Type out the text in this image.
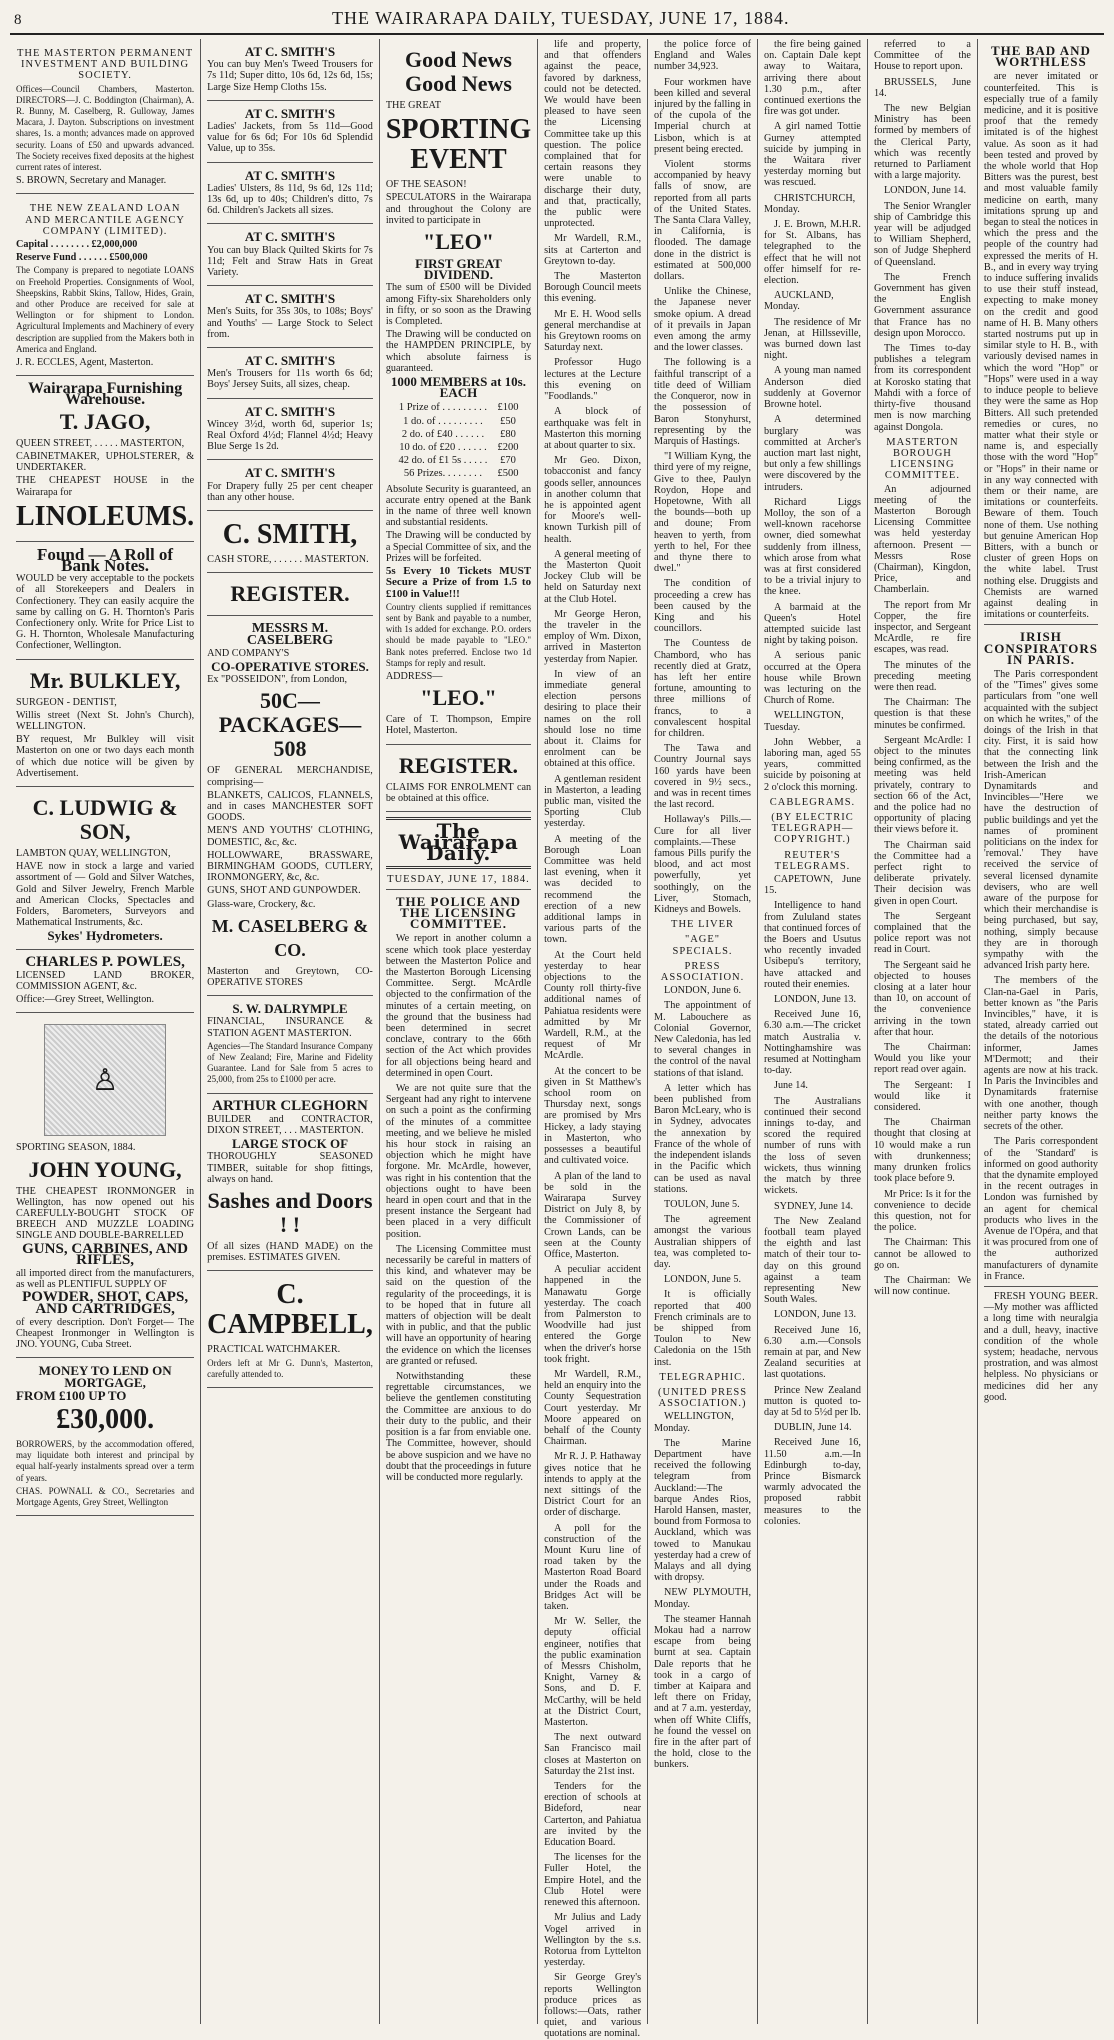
8	THE WAIRARAPA DAILY, TUESDAY, JUNE 17, 1884.
THE MASTERTON PERMANENT INVESTMENT AND BUILDING SOCIETY.

Offices—Council Chambers, Masterton. DIRECTORS—J. C. Boddington (Chairman), A. R. Bunny, M. Caselberg, R. Gulloway, James Macara, J. Dayton. Subscriptions on investment shares, 1s. a month; advances made on approved security. Loans of £50 and upwards advanced. The Society receives fixed deposits at the highest current rates of interest.

S. BROWN, Secretary and Manager.

THE NEW ZEALAND LOAN AND MERCANTILE AGENCY COMPANY (LIMITED).

Capital . . . . . . . . £2,000,000

Reserve Fund . . . . . . £500,000

The Company is prepared to negotiate LOANS on Freehold Properties. Consignments of Wool, Sheepskins, Rabbit Skins, Tallow, Hides, Grain, and other Produce are received for sale at Wellington or for shipment to London. Agricultural Implements and Machinery of every description are supplied from the Makers both in America and England.

J. R. ECCLES, Agent, Masterton.

Wairarapa Furnishing Warehouse.
T. JAGO,

QUEEN STREET, . . . . . MASTERTON,

CABINETMAKER, UPHOLSTERER, & UNDERTAKER.

THE CHEAPEST HOUSE in the Wairarapa for

LINOLEUMS.
Found — A Roll of Bank Notes.

WOULD be very acceptable to the pockets of all Storekeepers and Dealers in Confectionery. They can easily acquire the same by calling on G. H. Thornton's Paris Confectionery only. Write for Price List to G. H. Thornton, Wholesale Manufacturing Confectioner, Wellington.

Mr. BULKLEY,

SURGEON - DENTIST,

Willis street (Next St. John's Church), WELLINGTON.

BY request, Mr Bulkley will visit Masterton on one or two days each month of which due notice will be given by Advertisement.

C. LUDWIG & SON,

LAMBTON QUAY, WELLINGTON,

HAVE now in stock a large and varied assortment of — Gold and Silver Watches, Gold and Silver Jewelry, French Marble and American Clocks, Spectacles and Folders, Barometers, Surveyors and Mathematical Instruments, &c.

Sykes' Hydrometers.
CHARLES P. POWLES,

LICENSED LAND BROKER, COMMISSION AGENT, &c.

Office:—Grey Street, Wellington.

♙

SPORTING SEASON, 1884.

JOHN YOUNG,

THE CHEAPEST IRONMONGER in Wellington, has now opened out his CAREFULLY-BOUGHT STOCK OF BREECH AND MUZZLE LOADING SINGLE AND DOUBLE-BARRELLED

GUNS, CARBINES, AND RIFLES,

all imported direct from the manufacturers, as well as PLENTIFUL SUPPLY OF

POWDER, SHOT, CAPS, AND CARTRIDGES,

of every description. Don't Forget— The Cheapest Ironmonger in Wellington is JNO. YOUNG, Cuba Street.

MONEY TO LEND ON MORTGAGE,

FROM £100 UP TO

£30,000.

BORROWERS, by the accommodation offered, may liquidate both interest and principal by equal half-yearly instalments spread over a term of years.

CHAS. POWNALL & CO., Secretaries and Mortgage Agents, Grey Street, Wellington

AT C. SMITH'S

You can buy Men's Tweed Trousers for 7s 11d; Super ditto, 10s 6d, 12s 6d, 15s; Large Size Hemp Cloths 15s.

AT C. SMITH'S

Ladies' Jackets, from 5s 11d—Good value for 6s 6d; For 10s 6d Splendid Value, up to 35s.

AT C. SMITH'S

Ladies' Ulsters, 8s 11d, 9s 6d, 12s 11d; 13s 6d, up to 40s; Children's ditto, 7s 6d. Children's Jackets all sizes.

AT C. SMITH'S

You can buy Black Quilted Skirts for 7s 11d; Felt and Straw Hats in Great Variety.

AT C. SMITH'S

Men's Suits, for 35s 30s, to 108s; Boys' and Youths' — Large Stock to Select from.

AT C. SMITH'S

Men's Trousers for 11s worth 6s 6d; Boys' Jersey Suits, all sizes, cheap.

AT C. SMITH'S

Wincey 3½d, worth 6d, superior 1s; Real Oxford 4½d; Flannel 4½d; Heavy Blue Serge 1s 2d.

AT C. SMITH'S

For Drapery fully 25 per cent cheaper than any other house.

C. SMITH,

CASH STORE, . . . . . . MASTERTON.

REGISTER.
MESSRS M. CASELBERG

AND COMPANY'S

CO-OPERATIVE STORES.

Ex "POSSEIDON", from London,

50C—PACKAGES—508

OF GENERAL MERCHANDISE, comprising—

BLANKETS, CALICOS, FLANNELS, and in cases MANCHESTER SOFT GOODS.

MEN'S AND YOUTHS' CLOTHING, DOMESTIC, &c, &c.

HOLLOWWARE, BRASSWARE, BIRMINGHAM GOODS, CUTLERY, IRONMONGERY, &c, &c.

GUNS, SHOT AND GUNPOWDER.

Glass-ware, Crockery, &c.

M. CASELBERG & CO.

Masterton and Greytown, CO-OPERATIVE STORES

S. W. DALRYMPLE

FINANCIAL, INSURANCE & STATION AGENT MASTERTON.

Agencies—The Standard Insurance Company of New Zealand; Fire, Marine and Fidelity Guarantee. Land for Sale from 5 acres to 25,000, from 25s to £1000 per acre.

ARTHUR CLEGHORN

BUILDER and CONTRACTOR, DIXON STREET, . . . MASTERTON.

LARGE STOCK OF

THOROUGHLY SEASONED TIMBER, suitable for shop fittings, always on hand.

Sashes and Doors ! !

Of all sizes (HAND MADE) on the premises. ESTIMATES GIVEN.

C. CAMPBELL,

PRACTICAL WATCHMAKER.

Orders left at Mr G. Dunn's, Masterton, carefully attended to.

Good News Good News

THE GREAT

SPORTING EVENT

OF THE SEASON!

SPECULATORS in the Wairarapa and throughout the Colony are invited to participate in

"LEO"
FIRST GREAT DIVIDEND.

The sum of £500 will be Divided among Fifty-six Shareholders only in fifty, or so soon as the Drawing is Completed.

The Drawing will be conducted on the HAMPDEN PRINCIPLE, by which absolute fairness is guaranteed.

1000 MEMBERS at 10s. EACH
1 Prize of . . . . . . . . .	£100
1 do. of . . . . . . . . .	£50
2 do. of £40 . . . . . .	£80
10 do. of £20 . . . . . .	£200
42 do. of £1 5s . . . . .	£70
56 Prizes. . . . . . . .	£500

Absolute Security is guaranteed, an accurate entry opened at the Bank in the name of three well known and substantial residents.

The Drawing will be conducted by a Special Committee of six, and the Prizes will be forfeited.

5s Every 10 Tickets MUST Secure a Prize of from 1.5 to £100 in Value!!!

Country clients supplied if remittances sent by Bank and payable to a number, with 1s added for exchange. P.O. orders should be made payable to "LEO." Bank notes preferred. Enclose two 1d Stamps for reply and result.

ADDRESS—

"LEO."

Care of T. Thompson, Empire Hotel, Masterton.

REGISTER.

CLAIMS FOR ENROLMENT can be obtained at this office.

The Wairarapa Daily.
TUESDAY, JUNE 17, 1884.
THE POLICE AND THE LICENSING COMMITTEE.

We report in another column a scene which took place yesterday between the Masterton Police and the Masterton Borough Licensing Committee. Sergt. McArdle objected to the confirmation of the minutes of a certain meeting, on the ground that the business had been determined in secret conclave, contrary to the 66th section of the Act which provides for all objections being heard and determined in open Court.

We are not quite sure that the Sergeant had any right to intervene on such a point as the confirming of the minutes of a committee meeting, and we believe he misled his hour stock in raising an objection which he might have forgone. Mr. McArdle, however, was right in his contention that the objections ought to have been heard in open court and that in the present instance the Sergeant had been placed in a very difficult position.

The Licensing Committee must necessarily be careful in matters of this kind, and whatever may be said on the question of the regularity of the proceedings, it is to be hoped that in future all matters of objection will be dealt with in public, and that the public will have an opportunity of hearing the evidence on which the licenses are granted or refused.

Notwithstanding these regrettable circumstances, we believe the gentlemen constituting the Committee are anxious to do their duty to the public, and their position is a far from enviable one. The Committee, however, should be above suspicion and we have no doubt that the proceedings in future will be conducted more regularly.

life and property, and that offenders against the peace, favored by darkness, could not be detected. We would have been pleased to have seen the Licensing Committee take up this question. The police complained that for certain reasons they were unable to discharge their duty, and that, practically, the public were unprotected.

Mr Wardell, R.M., sits at Carterton and Greytown to-day.

The Masterton Borough Council meets this evening.

Mr E. H. Wood sells general merchandise at his Greytown rooms on Saturday next.

Professor Hugo lectures at the Lecture this evening on "Foodlands."

A block of earthquake was felt in Masterton this morning at about quarter to six.

Mr Geo. Dixon, tobacconist and fancy goods seller, announces in another column that he is appointed agent for Moore's well-known Turkish pill of health.

A general meeting of the Masterton Quoit Jockey Club will be held on Saturday next at the Club Hotel.

Mr George Heron, the traveler in the employ of Wm. Dixon, arrived in Masterton yesterday from Napier.

In view of an immediate general election persons desiring to place their names on the roll should lose no time about it. Claims for enrolment can be obtained at this office.

A gentleman resident in Masterton, a leading public man, visited the Sporting Club yesterday.

A meeting of the Borough Loan Committee was held last evening, when it was decided to recommend the erection of a new additional lamps in various parts of the town.

At the Court held yesterday to hear objections to the County roll thirty-five additional names of Pahiatua residents were admitted by Mr Wardell, R.M., at the request of Mr McArdle.

At the concert to be given in St Matthew's school room on Thursday next, songs are promised by Mrs Hickey, a lady staying in Masterton, who possesses a beautiful and cultivated voice.

A plan of the land to be sold in the Wairarapa Survey District on July 8, by the Commissioner of Crown Lands, can be seen at the County Office, Masterton.

A peculiar accident happened in the Manawatu Gorge yesterday. The coach from Palmerston to Woodville had just entered the Gorge when the driver's horse took fright.

Mr Wardell, R.M., held an enquiry into the County Sequestration Court yesterday. Mr Moore appeared on behalf of the County Chairman.

Mr R. J. P. Hathaway gives notice that he intends to apply at the next sittings of the District Court for an order of discharge.

A poll for the construction of the Mount Kuru line of road taken by the Masterton Road Board under the Roads and Bridges Act will be taken.

Mr W. Seller, the deputy official engineer, notifies that the public examination of Messrs Chisholm, Knight, Varney & Sons, and D. F. McCarthy, will be held at the District Court, Masterton.

The next outward San Francisco mail closes at Masterton on Saturday the 21st inst.

Tenders for the erection of schools at Bideford, near Carterton, and Pahiatua are invited by the Education Board.

The licenses for the Fuller Hotel, the Empire Hotel, and the Club Hotel were renewed this afternoon.

Mr Julius and Lady Vogel arrived in Wellington by the s.s. Rotorua from Lyttelton yesterday.

Sir George Grey's reports Wellington produce prices as follows:—Oats, rather quiet, and various quotations are nominal.

the police force of England and Wales number 34,923.

Four workmen have been killed and several injured by the falling in of the cupola of the Imperial church at Lisbon, which is at present being erected.

Violent storms accompanied by heavy falls of snow, are reported from all parts of the United States. The Santa Clara Valley, in California, is flooded. The damage done in the district is estimated at 500,000 dollars.

Unlike the Chinese, the Japanese never smoke opium. A dread of it prevails in Japan even among the army and the lower classes.

The following is a faithful transcript of a title deed of William the Conqueror, now in the possession of Baron Stonyhurst, representing by the Marquis of Hastings.

"I William Kyng, the third yere of my reigne, Give to thee, Paulyn Roydon, Hope and Hopetowne, With all the bounds—both up and doune; From heaven to yerth, from yerth to hel, For thee and thyne there to dwel."

The condition of proceeding a crew has been caused by the King and his councillors.

The Countess de Chambord, who has recently died at Gratz, has left her entire fortune, amounting to three millions of francs, to a convalescent hospital for children.

The Tawa and Country Journal says 160 yards have been covered in 9½ secs., and was in recent times the last record.

Hollaway's Pills.—Cure for all liver complaints.—These famous Pills purify the blood, and act most powerfully, yet soothingly, on the Liver, Stomach, Kidneys and Bowels.

THE LIVER
"AGE" SPECIALS.
PRESS ASSOCIATION.

LONDON, June 6.

The appointment of M. Labouchere as Colonial Governor, New Caledonia, has led to several changes in the control of the naval stations of that island.

A letter which has been published from Baron McLeary, who is in Sydney, advocates the annexation by France of the whole of the independent islands in the Pacific which can be used as naval stations.

TOULON, June 5.

The agreement amongst the various Australian shippers of tea, was completed to-day.

LONDON, June 5.

It is officially reported that 400 French criminals are to be shipped from Toulon to New Caledonia on the 15th inst.

TELEGRAPHIC.
(UNITED PRESS ASSOCIATION.)

WELLINGTON, Monday.

The Marine Department have received the following telegram from Auckland:—The barque Andes Rios, Harold Hansen, master, bound from Formosa to Auckland, which was towed to Manukau yesterday had a crew of Malays and all dying with dropsy.

NEW PLYMOUTH, Monday.

The steamer Hannah Mokau had a narrow escape from being burnt at sea. Captain Dale reports that he took in a cargo of timber at Kaipara and left there on Friday, and at 7 a.m. yesterday, when off White Cliffs, he found the vessel on fire in the after part of the hold, close to the bunkers.

the fire being gained on. Captain Dale kept away to Waitara, arriving there about 1.30 p.m., after continued exertions the fire was got under.

A girl named Tottie Gurney attempted suicide by jumping in the Waitara river yesterday morning but was rescued.

CHRISTCHURCH, Monday.

J. E. Brown, M.H.R. for St. Albans, has telegraphed to the effect that he will not offer himself for re-election.

AUCKLAND, Monday.

The residence of Mr Jenan, at Hillsseville, was burned down last night.

A young man named Anderson died suddenly at Governor Browne hotel.

A determined burglary was committed at Archer's auction mart last night, but only a few shillings were discovered by the intruders.

Richard Liggs Molloy, the son of a well-known racehorse owner, died somewhat suddenly from illness, which arose from what was at first considered to be a trivial injury to the knee.

A barmaid at the Queen's Hotel attempted suicide last night by taking poison.

A serious panic occurred at the Opera house while Brown was lecturing on the Church of Rome.

WELLINGTON, Tuesday.

John Webber, a laboring man, aged 55 years, committed suicide by poisoning at 2 o'clock this morning.

CABLEGRAMS.
(BY ELECTRIC TELEGRAPH—COPYRIGHT.)
REUTER'S TELEGRAMS.

CAPETOWN, June 15.

Intelligence to hand from Zululand states that continued forces of the Boers and Usutus who recently invaded Usibepu's territory, have attacked and routed their enemies.

LONDON, June 13.

Received June 16, 6.30 a.m.—The cricket match Australia v. Nottinghamshire was resumed at Nottingham to-day.

June 14.

The Australians continued their second innings to-day, and scored the required number of runs with the loss of seven wickets, thus winning the match by three wickets.

SYDNEY, June 14.

The New Zealand football team played the eighth and last match of their tour to-day on this ground against a team representing New South Wales.

LONDON, June 13.

Received June 16, 6.30 a.m.—Consols remain at par, and New Zealand securities at last quotations.

Prince New Zealand mutton is quoted to-day at 5d to 5½d per lb.

DUBLIN, June 14.

Received June 16, 11.50 a.m.—In Edinburgh to-day, Prince Bismarck warmly advocated the proposed rabbit measures to the colonies.

referred to a Committee of the House to report upon.

BRUSSELS, June 14.

The new Belgian Ministry has been formed by members of the Clerical Party, which was recently returned to Parliament with a large majority.

LONDON, June 14.

The Senior Wrangler ship of Cambridge this year will be adjudged to William Shepherd, son of Judge Shepherd of Queensland.

The French Government has given the English Government assurance that France has no design upon Morocco.

The Times to-day publishes a telegram from its correspondent at Korosko stating that Mahdi with a force of thirty-five thousand men is now marching against Dongola.

MASTERTON BOROUGH LICENSING COMMITTEE.

An adjourned meeting of the Masterton Borough Licensing Committee was held yesterday afternoon. Present —Messrs Rose (Chairman), Kingdon, Price, and Chamberlain.

The report from Mr Copper, the fire inspector, and Sergeant McArdle, re fire escapes, was read.

The minutes of the preceding meeting were then read.

The Chairman: The question is that these minutes be confirmed.

Sergeant McArdle: I object to the minutes being confirmed, as the meeting was held privately, contrary to section 66 of the Act, and the police had no opportunity of placing their views before it.

The Chairman said the Committee had a perfect right to deliberate privately. Their decision was given in open Court.

The Sergeant complained that the police report was not read in Court.

The Sergeant said he objected to houses closing at a later hour than 10, on account of the convenience arriving in the town after that hour.

The Chairman: Would you like your report read over again.

The Sergeant: I would like it considered.

The Chairman thought that closing at 10 would make a run with drunkenness; many drunken frolics took place before 9.

Mr Price: Is it for the convenience to decide this question, not for the police.

The Chairman: This cannot be allowed to go on.

The Chairman: We will now continue.

THE BAD AND WORTHLESS

are never imitated or counterfeited. This is especially true of a family medicine, and it is positive proof that the remedy imitated is of the highest value. As soon as it had been tested and proved by the whole world that Hop Bitters was the purest, best and most valuable family medicine on earth, many imitations sprung up and began to steal the notices in which the press and the people of the country had expressed the merits of H. B., and in every way trying to induce suffering invalids to use their stuff instead, expecting to make money on the credit and good name of H. B. Many others started nostrums put up in similar style to H. B., with variously devised names in which the word "Hop" or "Hops" were used in a way to induce people to believe they were the same as Hop Bitters. All such pretended remedies or cures, no matter what their style or name is, and especially those with the word "Hop" or "Hops" in their name or in any way connected with them or their name, are imitations or counterfeits. Beware of them. Touch none of them. Use nothing but genuine American Hop Bitters, with a bunch or cluster of green Hops on the white label. Trust nothing else. Druggists and Chemists are warned against dealing in imitations or counterfeits.

IRISH CONSPIRATORS IN PARIS.

The Paris correspondent of the "Times" gives some particulars from "one well acquainted with the subject on which he writes," of the doings of the Irish in that city. First, it is said how that the connecting link between the Irish and the Irish-American Dynamitards and Invincibles—"Here we have the destruction of public buildings and yet the names of prominent politicians on the index for 'removal.' They have received the service of several licensed dynamite devisers, who are well aware of the purpose for which their merchandise is being purchased, but say, nothing, simply because they are in thorough sympathy with the advanced Irish party here.

The members of the Clan-na-Gael in Paris, better known as "the Paris Invincibles," have, it is stated, already carried out the details of the notorious informer, James M'Dermott; and their agents are now at his track. In Paris the Invincibles and Dynamitards fraternise with one another, though neither party knows the secrets of the other.

The Paris correspondent of the 'Standard' is informed on good authority that the dynamite employed in the recent outrages in London was furnished by an agent for chemical products who lives in the Avenue de l'Opéra, and that it was procured from one of the authorized manufacturers of dynamite in France.

FRESH YOUNG BEER.—My mother was afflicted a long time with neuralgia and a dull, heavy, inactive condition of the whole system; headache, nervous prostration, and was almost helpless. No physicians or medicines did her any good.
